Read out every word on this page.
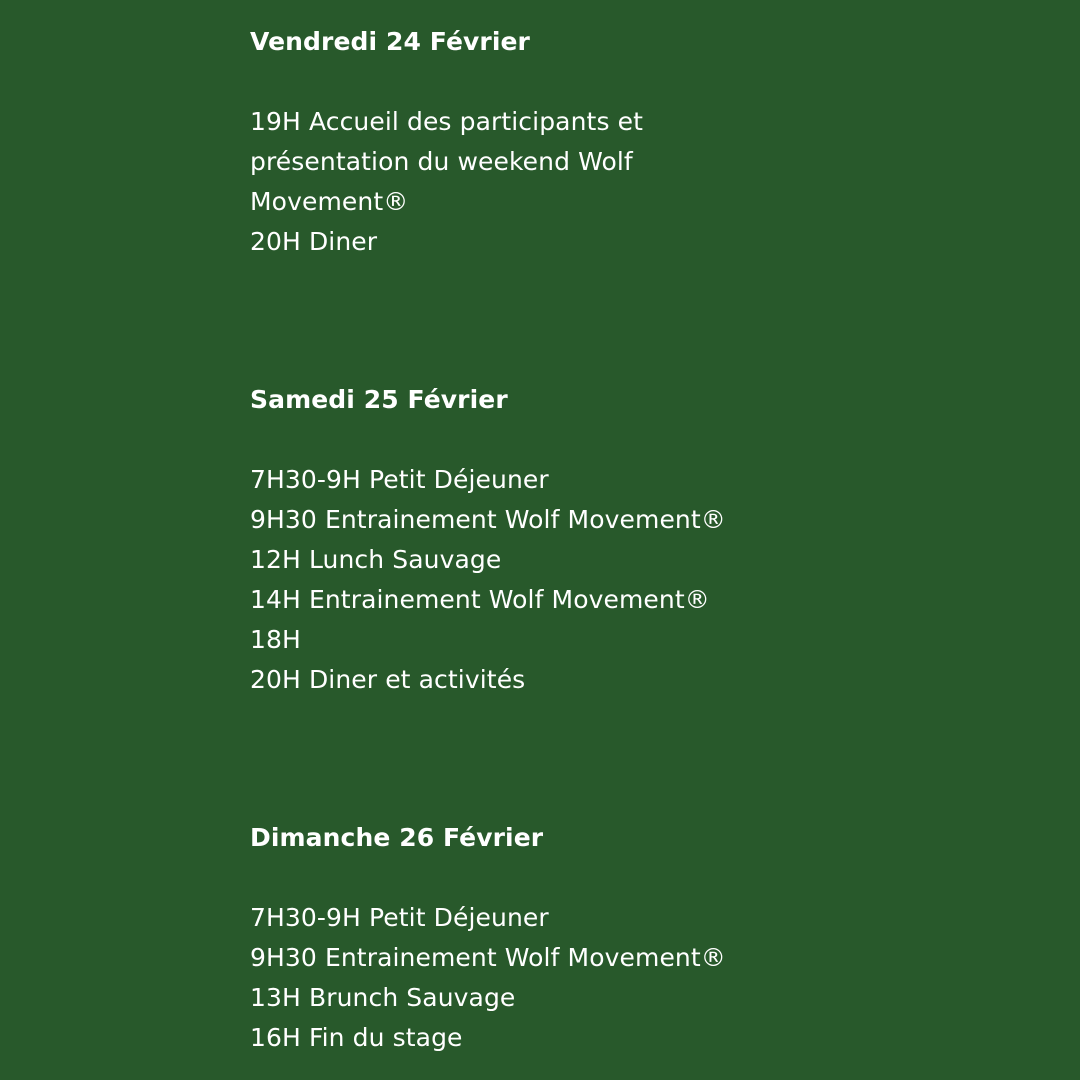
Vendredi 24 Février
19H Accueil des participants et présentation du weekend Wolf Movement®
20H Diner
Samedi 25 Février
7H30-9H Petit Déjeuner
9H30 Entrainement Wolf Movement®
12H Lunch Sauvage
14H Entrainement Wolf Movement®
18H
20H Diner et activités
Dimanche 26 Février
7H30-9H Petit Déjeuner
9H30 Entrainement Wolf Movement®
13H Brunch Sauvage
16H Fin du stage
